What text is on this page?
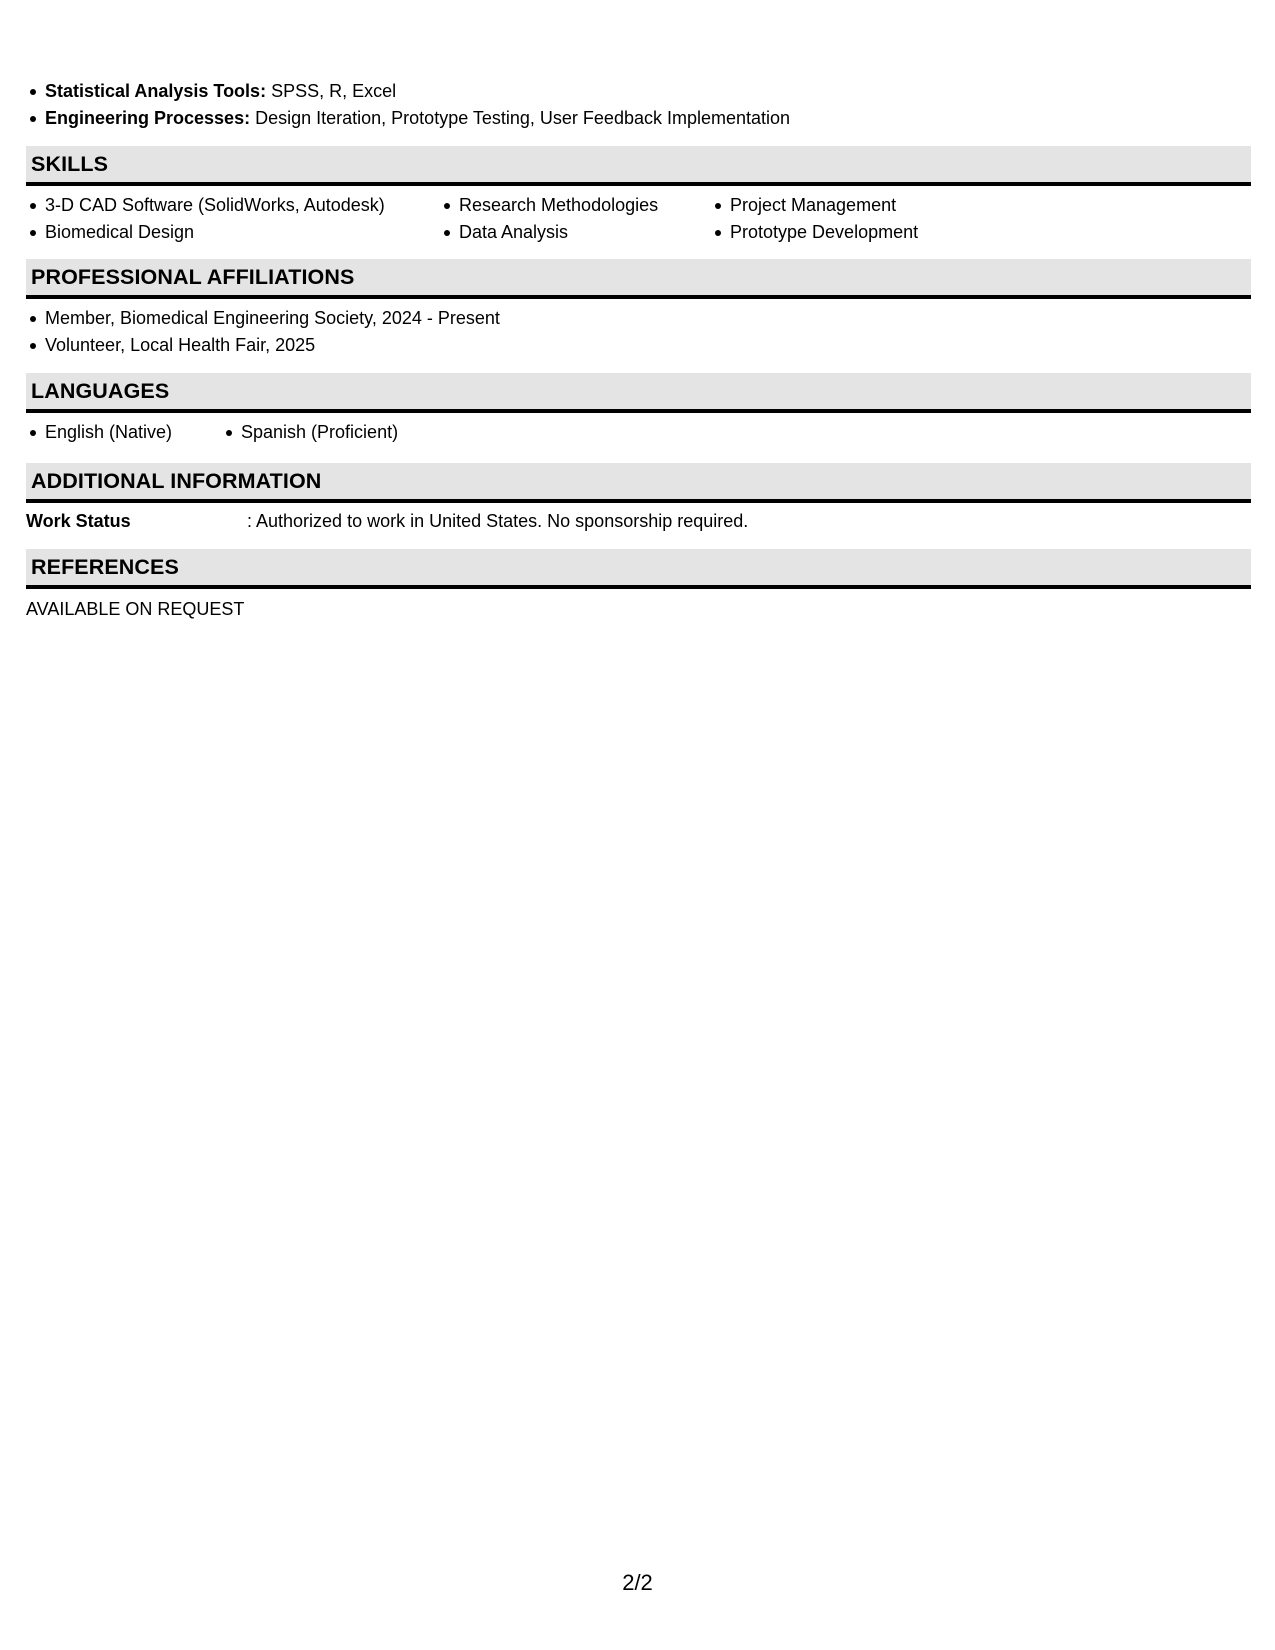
Statistical Analysis Tools: SPSS, R, Excel
Engineering Processes: Design Iteration, Prototype Testing, User Feedback Implementation
SKILLS
3-D CAD Software (SolidWorks, Autodesk)
Biomedical Design
Research Methodologies
Data Analysis
Project Management
Prototype Development
PROFESSIONAL AFFILIATIONS
Member, Biomedical Engineering Society, 2024 - Present
Volunteer, Local Health Fair, 2025
LANGUAGES
English (Native)	Spanish (Proficient)
ADDITIONAL INFORMATION
Work Status	: Authorized to work in United States. No sponsorship required.
REFERENCES
AVAILABLE ON REQUEST
2/2
